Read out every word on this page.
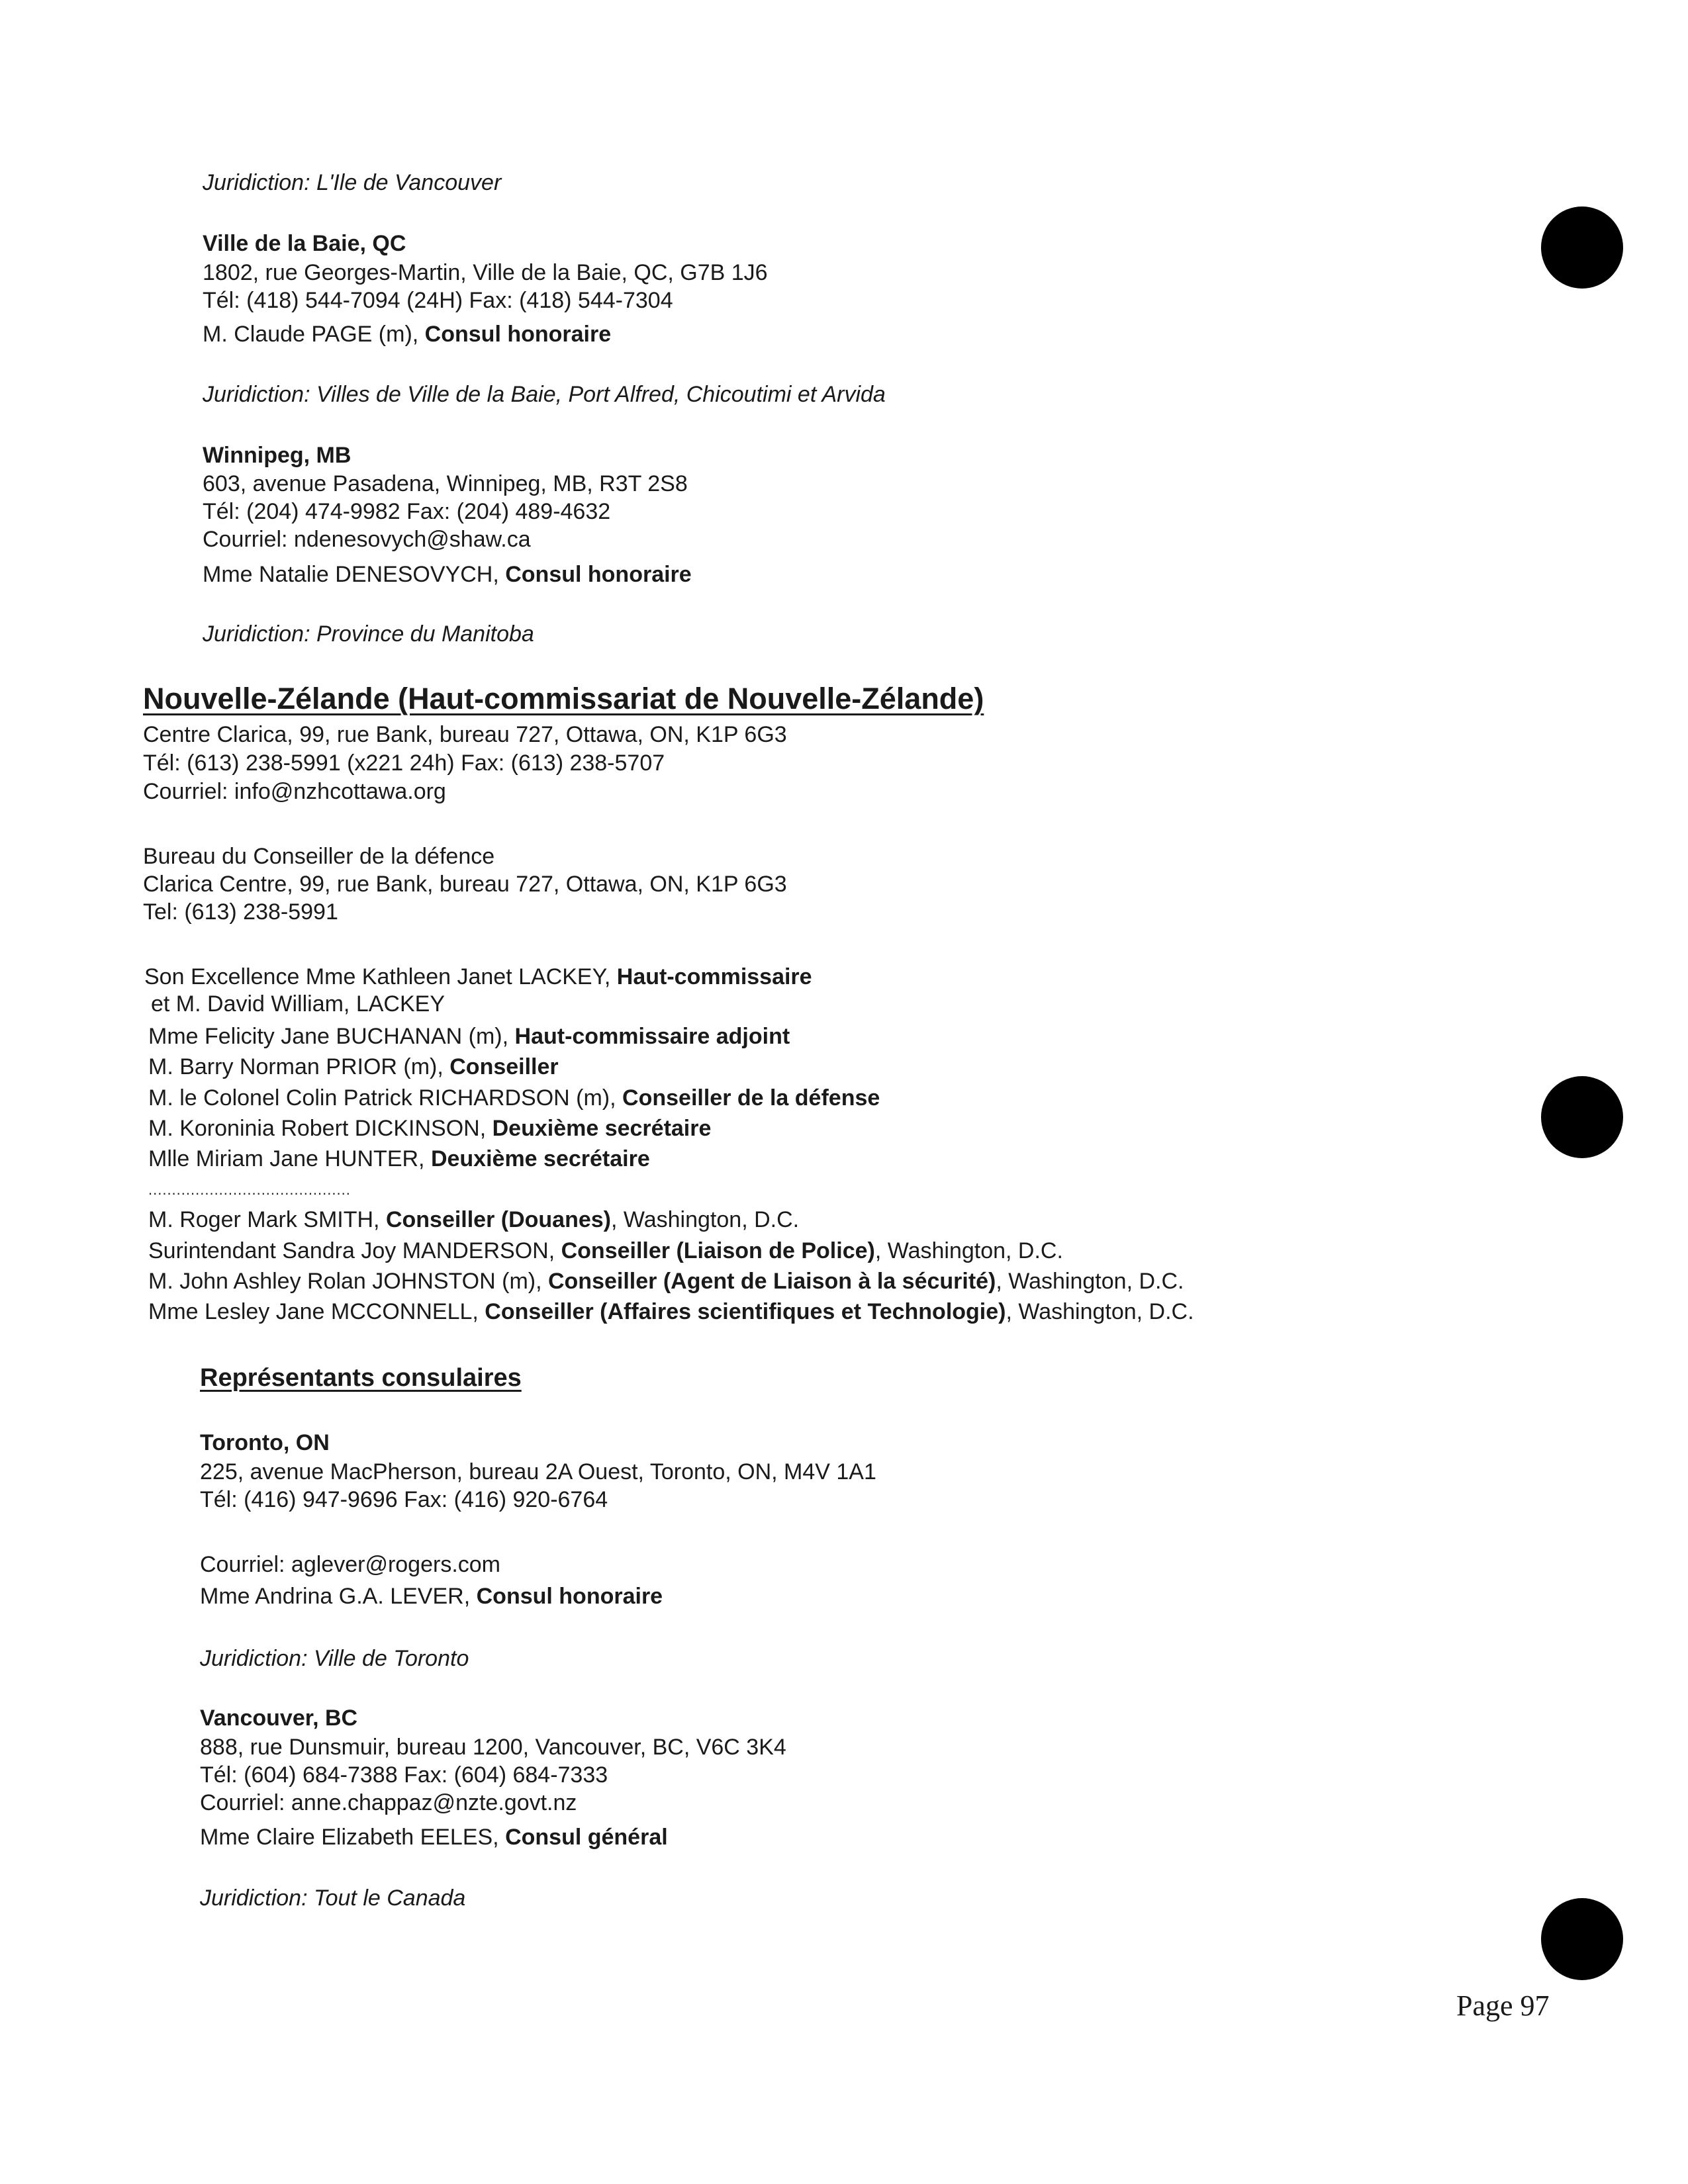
Juridiction: L'Ile de Vancouver
Ville de la Baie, QC
1802, rue Georges-Martin, Ville de la Baie, QC, G7B 1J6
Tél: (418) 544-7094 (24H) Fax: (418) 544-7304
M. Claude PAGE (m), Consul honoraire
Juridiction: Villes de Ville de la Baie, Port Alfred, Chicoutimi et Arvida
Winnipeg, MB
603, avenue Pasadena, Winnipeg, MB, R3T 2S8
Tél: (204) 474-9982 Fax: (204) 489-4632
Courriel: ndenesovych@shaw.ca
Mme Natalie DENESOVYCH, Consul honoraire
Juridiction: Province du Manitoba
Nouvelle-Zélande (Haut-commissariat de Nouvelle-Zélande)
Centre Clarica, 99, rue Bank, bureau 727, Ottawa, ON, K1P 6G3
Tél: (613) 238-5991 (x221 24h) Fax: (613) 238-5707
Courriel: info@nzhcottawa.org
Bureau du Conseiller de la défence
Clarica Centre, 99, rue Bank, bureau 727, Ottawa, ON, K1P 6G3
Tel: (613) 238-5991
Son Excellence Mme Kathleen Janet LACKEY, Haut-commissaire
et M. David William, LACKEY
Mme Felicity Jane BUCHANAN (m), Haut-commissaire adjoint
M. Barry Norman PRIOR (m), Conseiller
M. le Colonel Colin Patrick RICHARDSON (m), Conseiller de la défense
M. Koroninia Robert DICKINSON, Deuxième secrétaire
Mlle Miriam Jane HUNTER, Deuxième secrétaire
...........................................
M. Roger Mark SMITH, Conseiller (Douanes), Washington, D.C.
Surintendant Sandra Joy MANDERSON, Conseiller (Liaison de Police), Washington, D.C.
M. John Ashley Rolan JOHNSTON (m), Conseiller (Agent de Liaison à la sécurité), Washington, D.C.
Mme Lesley Jane MCCONNELL, Conseiller (Affaires scientifiques et Technologie), Washington, D.C.
Représentants consulaires
Toronto, ON
225, avenue MacPherson, bureau 2A Ouest, Toronto, ON, M4V 1A1
Tél: (416) 947-9696 Fax: (416) 920-6764
Courriel: aglever@rogers.com
Mme Andrina G.A. LEVER, Consul honoraire
Juridiction: Ville de Toronto
Vancouver, BC
888, rue Dunsmuir, bureau 1200, Vancouver, BC, V6C 3K4
Tél: (604) 684-7388 Fax: (604) 684-7333
Courriel: anne.chappaz@nzte.govt.nz
Mme Claire Elizabeth EELES, Consul général
Juridiction: Tout le Canada
Page 97
